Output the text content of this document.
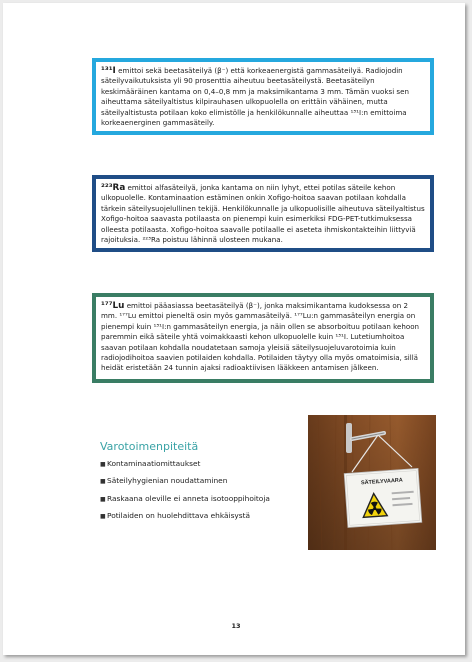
¹³¹I emittoi sekä beetasäteilyä (β⁻) että korkeaenergistä gammasäteilyä. Radiojodin säteilyvaikutuksista yli 90 prosenttia aiheutuu beetasäteilystä. Beetasäteilyn keskimääräinen kantama on 0,4–0,8 mm ja maksimikantama 3 mm. Tämän vuoksi sen aiheuttama säteilyaltistus kilpirauhasen ulkopuolella on erittäin vähäinen, mutta säteilyaltistusta potilaan koko elimistölle ja henkilökunnalle aiheuttaa ¹³¹I:n emittoima korkeaenerginen gammasäteily.

²²³Ra emittoi alfasäteilyä, jonka kantama on niin lyhyt, ettei potilas säteile kehon ulkopuolelle. Kontaminaation estäminen onkin Xofigo-hoitoa saavan potilaan kohdalla tärkein säteilysuojelullinen tekijä. Henkilökunnalle ja ulkopuolisille aiheutuva säteilyaltistus Xofigo-hoitoa saavasta potilaasta on pienempi kuin esimerkiksi FDG-PET-tutkimuksessa olleesta potilaasta. Xofigo-hoitoa saavalle potilaalle ei aseteta ihmiskontakteihin liittyviä rajoituksia. ²²³Ra poistuu lähinnä ulosteen mukana.

¹⁷⁷Lu emittoi pääasiassa beetasäteilyä (β⁻), jonka maksimikantama kudoksessa on 2 mm. ¹⁷⁷Lu emittoi pieneltä osin myös gammasäteilyä. ¹⁷⁷Lu:n gammasäteilyn energia on pienempi kuin ¹³¹I:n gammasäteilyn energia, ja näin ollen se absorboituu potilaan kehoon paremmin eikä säteile yhtä voimakkaasti kehon ulkopuolelle kuin ¹³¹I. Lutetiumhoitoa saavan potilaan kohdalla noudatetaan samoja yleisiä säteilysuojeluvarotoimia kuin radiojodihoitoa saavien potilaiden kohdalla. Potilaiden täytyy olla myös omatoimisia, sillä heidät eristetään 24 tunnin ajaksi radioaktiivisen lääkkeen antamisen jälkeen.

Varotoimenpiteitä
■Kontaminaatiomittaukset
■Säteilyhygienian noudattaminen
■Raskaana oleville ei anneta isotooppihoitoja
■Potilaiden on huolehdittava ehkäisystä
SÄTEILYVAARA
13
